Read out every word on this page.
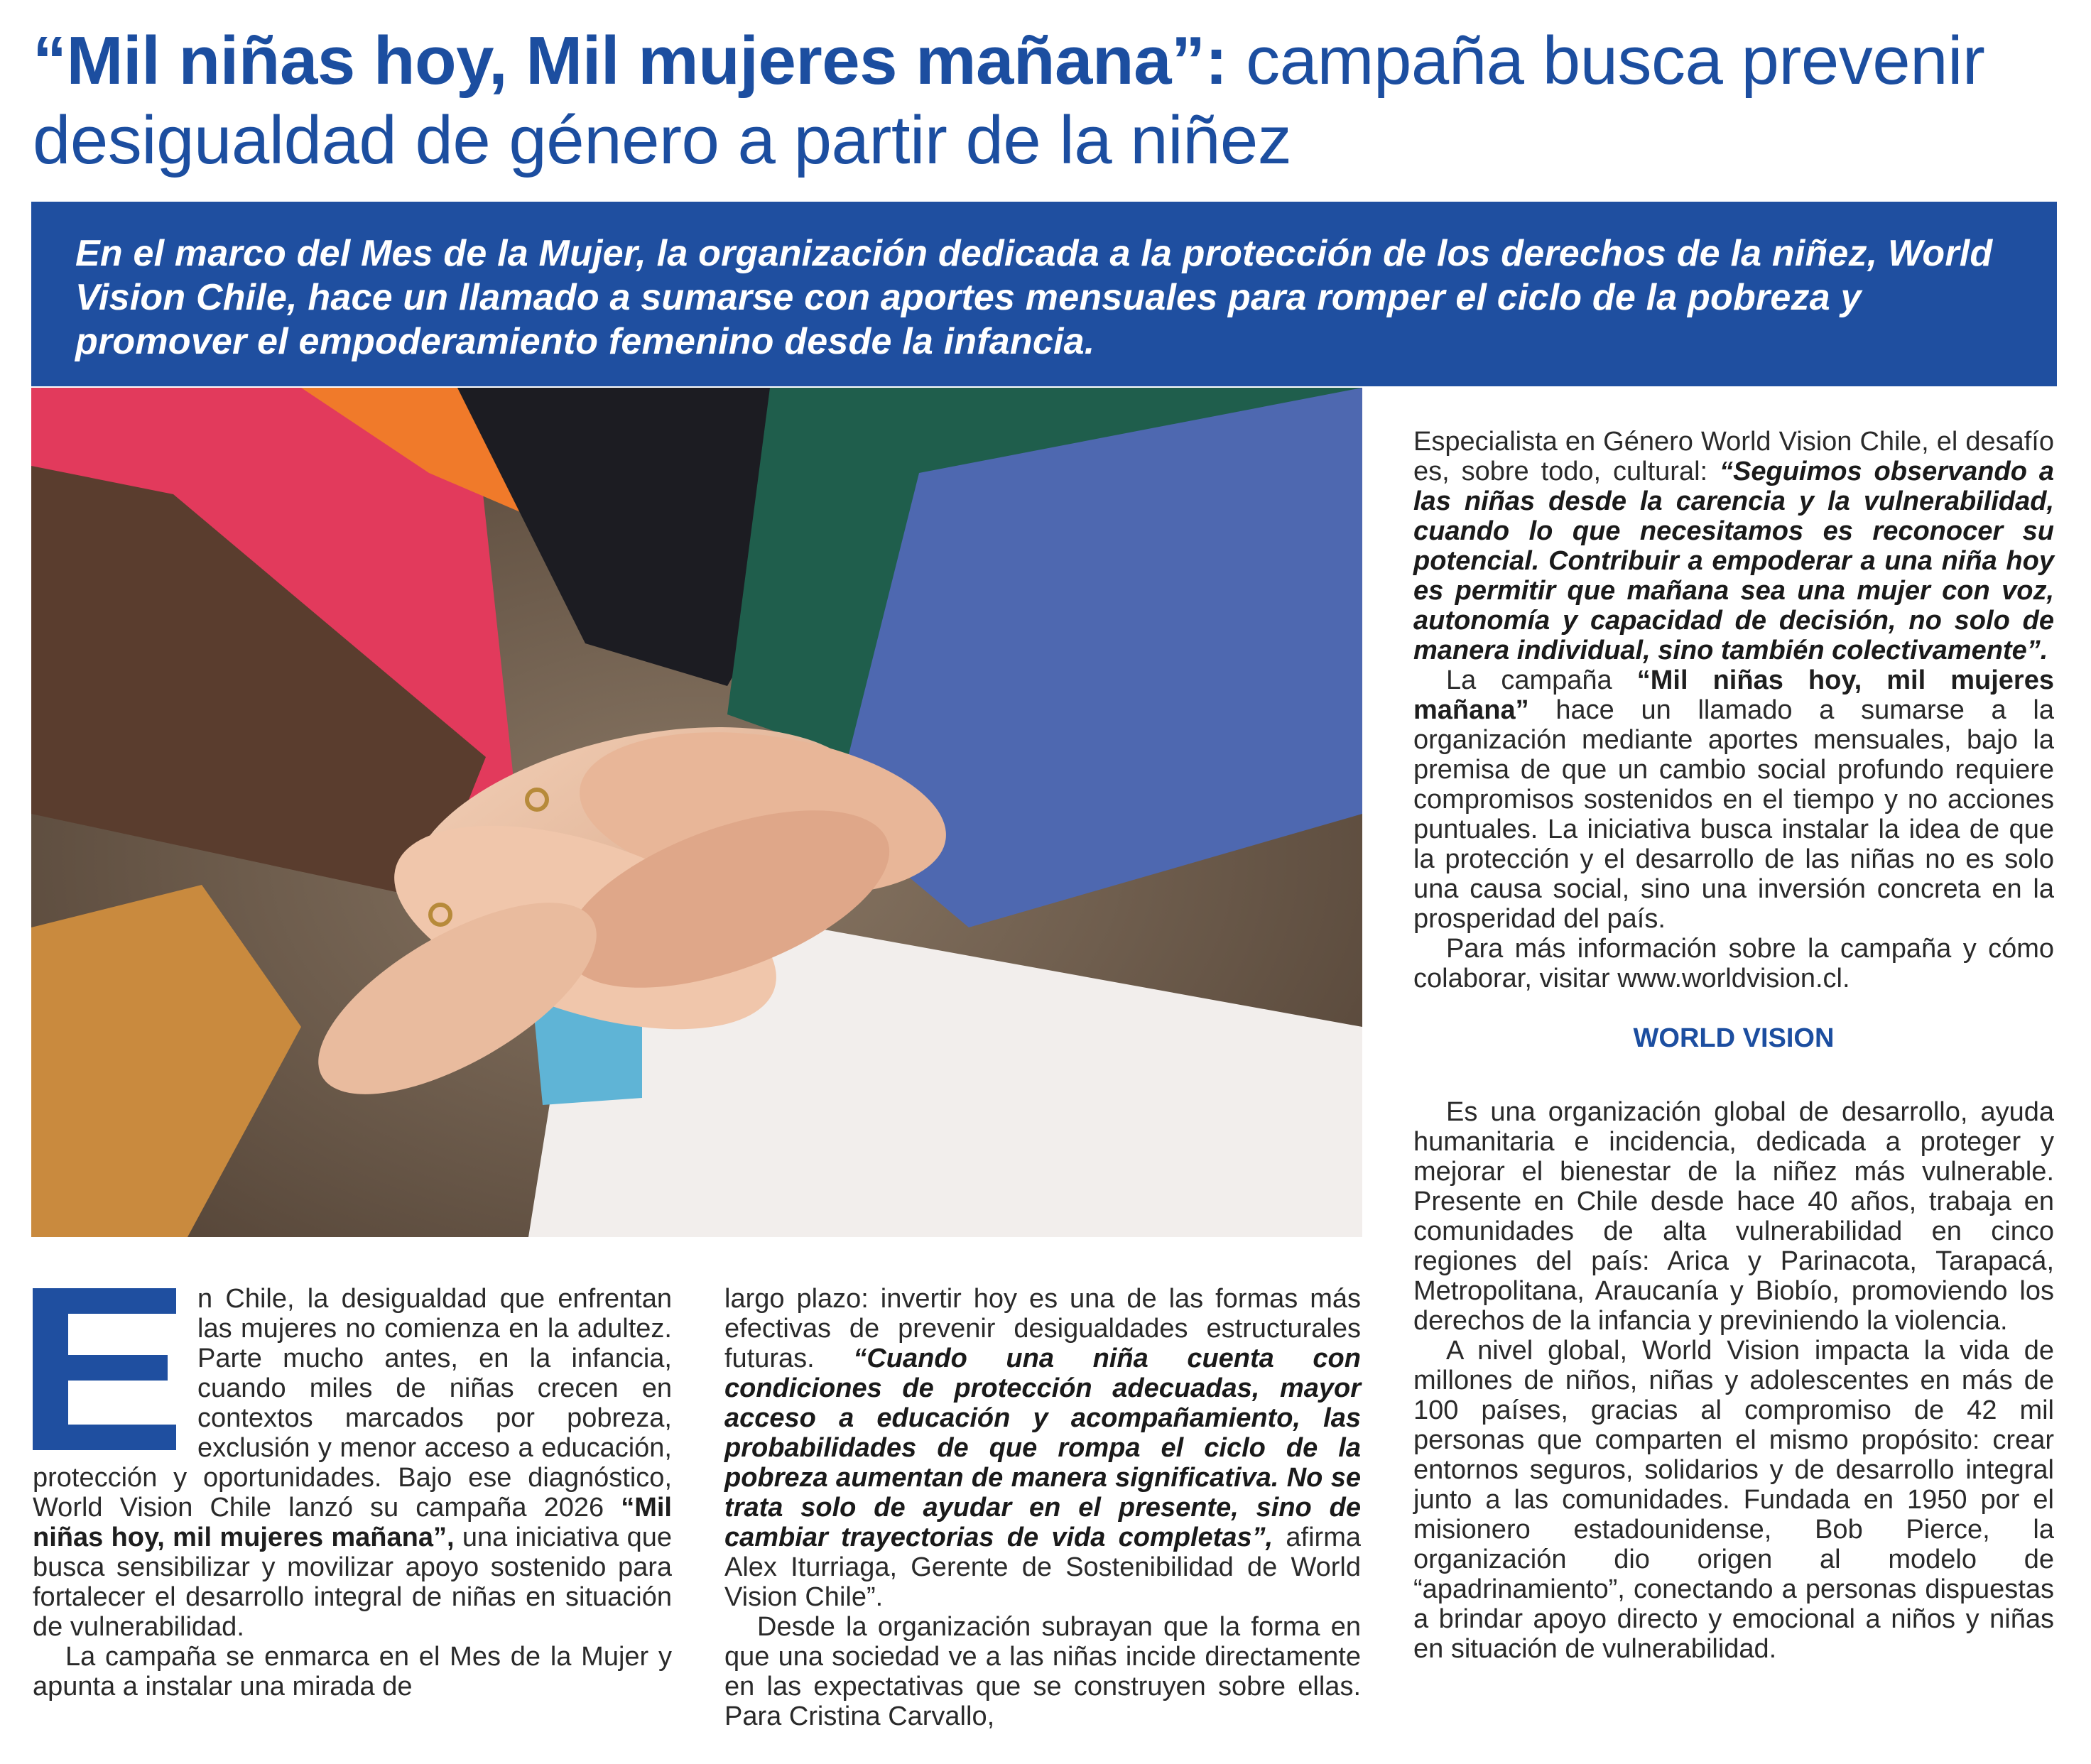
“Mil niñas hoy, Mil mujeres mañana”: campaña busca prevenir desigualdad de género a partir de la niñez

En el marco del Mes de la Mujer, la organización dedicada a la protección de los derechos de la niñez, World Vision Chile, hace un llamado a sumarse con aportes mensuales para romper el ciclo de la pobreza y promover el empoderamiento femenino desde la infancia.

n Chile, la desigualdad que enfrentan las mujeres no comienza en la adultez. Parte mucho antes, en la infancia, cuando miles de niñas crecen en contextos marcados por pobreza, exclusión y menor acceso a educación, protección y oportunidades. Bajo ese diagnóstico, World Vision Chile lanzó su campaña 2026 “Mil niñas hoy, mil mujeres mañana”, una iniciativa que busca sensibilizar y movilizar apoyo sostenido para fortalecer el desarrollo integral de niñas en situación de vulnerabilidad.

La campaña se enmarca en el Mes de la Mujer y apunta a instalar una mirada de

largo plazo: invertir hoy es una de las formas más efectivas de prevenir desigualdades estructurales futuras. “Cuando una niña cuenta con condiciones de protección adecuadas, mayor acceso a educación y acompañamiento, las probabilidades de que rompa el ciclo de la pobreza aumentan de manera significativa. No se trata solo de ayudar en el presente, sino de cambiar trayectorias de vida completas”, afirma Alex Iturriaga, Gerente de Sostenibilidad de World Vision Chile”.

Desde la organización subrayan que la forma en que una sociedad ve a las niñas incide directamente en las expectativas que se construyen sobre ellas. Para Cristina Carvallo,

Especialista en Género World Vision Chile, el desafío es, sobre todo, cultural: “Seguimos observando a las niñas desde la carencia y la vulnerabilidad, cuando lo que necesitamos es reconocer su potencial. Contribuir a empoderar a una niña hoy es permitir que mañana sea una mujer con voz, autonomía y capacidad de decisión, no solo de manera individual, sino también colectivamente”.

La campaña “Mil niñas hoy, mil mujeres mañana” hace un llamado a sumarse a la organización mediante aportes mensuales, bajo la premisa de que un cambio social profundo requiere compromisos sostenidos en el tiempo y no acciones puntuales. La iniciativa busca instalar la idea de que la protección y el desarrollo de las niñas no es solo una causa social, sino una inversión concreta en la prosperidad del país.

Para más información sobre la campaña y cómo colaborar, visitar www.worldvision.cl.

WORLD VISION

Es una organización global de desarrollo, ayuda humanitaria e incidencia, dedicada a proteger y mejorar el bienestar de la niñez más vulnerable. Presente en Chile desde hace 40 años, trabaja en comunidades de alta vulnerabilidad en cinco regiones del país: Arica y Parinacota, Tarapacá, Metropolitana, Araucanía y Biobío, promoviendo los derechos de la infancia y previniendo la violencia.

A nivel global, World Vision impacta la vida de millones de niños, niñas y adolescentes en más de 100 países, gracias al compromiso de 42 mil personas que comparten el mismo propósito: crear entornos seguros, solidarios y de desarrollo integral junto a las comunidades. Fundada en 1950 por el misionero estadounidense, Bob Pierce, la organización dio origen al modelo de “apadrinamiento”, conectando a personas dispuestas a brindar apoyo directo y emocional a niños y niñas en situación de vulnerabilidad.
